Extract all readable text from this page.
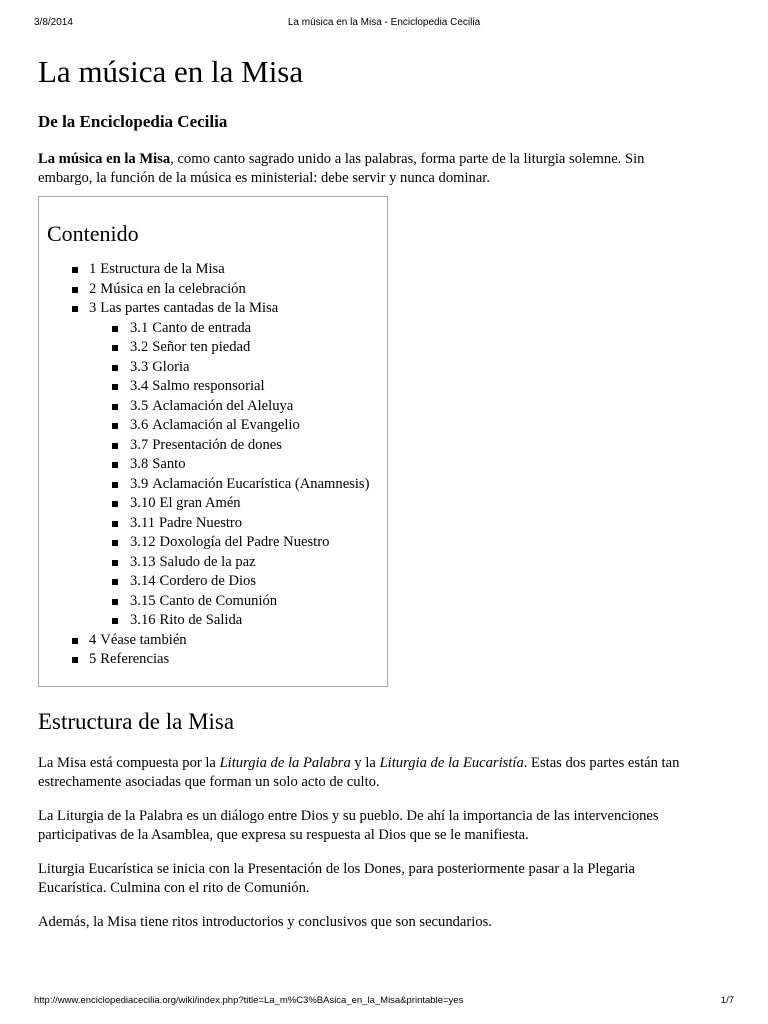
3/8/2014	La música en la Misa - Enciclopedia Cecilia
La música en la Misa
De la Enciclopedia Cecilia

La música en la Misa, como canto sagrado unido a las palabras, forma parte de la liturgia solemne. Sin embargo, la función de la música es ministerial: debe servir y nunca dominar.

Contenido
1 Estructura de la Misa
2 Música en la celebración
3 Las partes cantadas de la Misa
3.1 Canto de entrada
3.2 Señor ten piedad
3.3 Gloria
3.4 Salmo responsorial
3.5 Aclamación del Aleluya
3.6 Aclamación al Evangelio
3.7 Presentación de dones
3.8 Santo
3.9 Aclamación Eucarística (Anamnesis)
3.10 El gran Amén
3.11 Padre Nuestro
3.12 Doxología del Padre Nuestro
3.13 Saludo de la paz
3.14 Cordero de Dios
3.15 Canto de Comunión
3.16 Rito de Salida
4 Véase también
5 Referencias
Estructura de la Misa

La Misa está compuesta por la Liturgia de la Palabra y la Liturgia de la Eucaristía. Estas dos partes están tan estrechamente asociadas que forman un solo acto de culto.

La Liturgia de la Palabra es un diálogo entre Dios y su pueblo. De ahí la importancia de las intervenciones participativas de la Asamblea, que expresa su respuesta al Dios que se le manifiesta.

Liturgia Eucarística se inicia con la Presentación de los Dones, para posteriormente pasar a la Plegaria Eucarística. Culmina con el rito de Comunión.

Además, la Misa tiene ritos introductorios y conclusivos que son secundarios.

http://www.enciclopediacecilia.org/wiki/index.php?title=La_m%C3%BAsica_en_la_Misa&printable=yes	1/7
